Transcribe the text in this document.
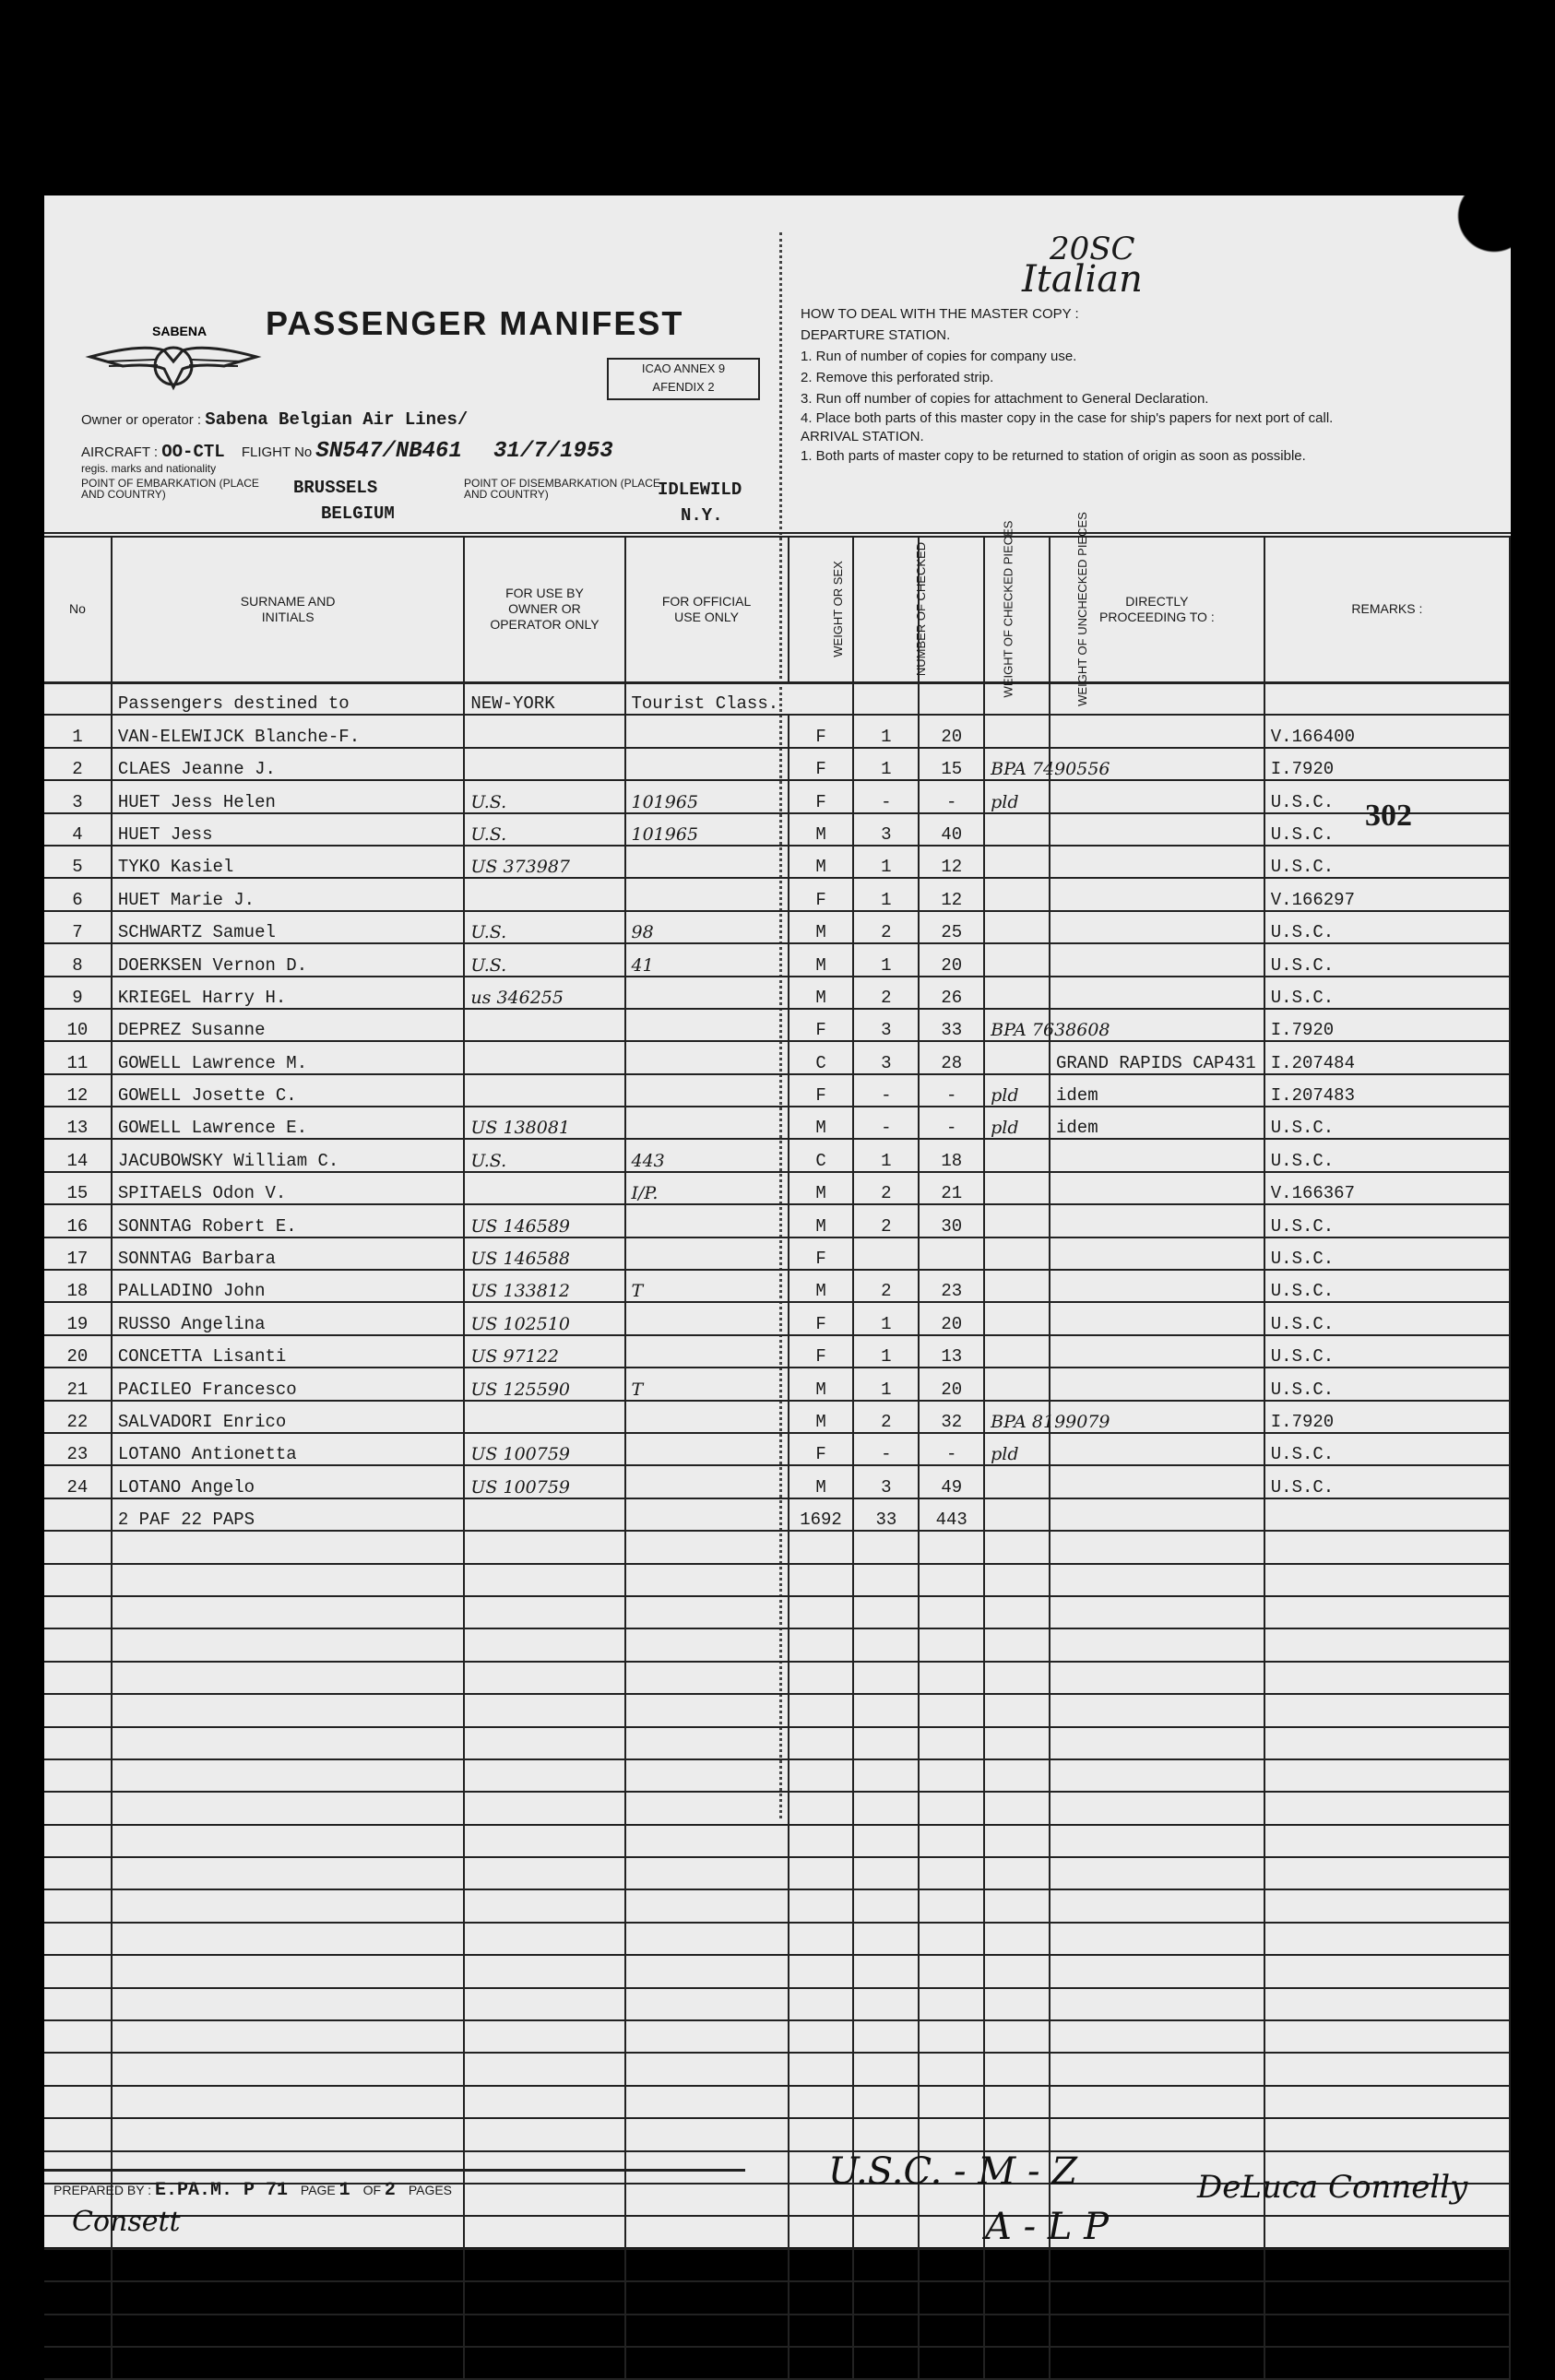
SABENA PASSENGER MANIFEST
ICAO ANNEX 9
AFENDIX 2
Owner or operator : Sabena Belgian Air Lines/
AIRCRAFT : OO-CTL FLIGHT No SN547/NB461 31/7/1953
regis. marks and nationality
POINT OF EMBARKATION (PLACE AND COUNTRY)	BRUSSELS
BELGIUM
POINT OF DISEMBARKATION (PLACE AND COUNTRY)	IDLEWILD
N.Y.
20SC
Italian
HOW TO DEAL WITH THE MASTER COPY :
DEPARTURE STATION.
1. Run of number of copies for company use.
2. Remove this perforated strip.
3. Run off number of copies for attachment to General Declaration.
4. Place both parts of this master copy in the case for ship's papers for next port of call.
ARRIVAL STATION.
1. Both parts of master copy to be returned to station of origin as soon as possible.
No	SURNAME AND INITIALS	FOR USE BY OWNER OR OPERATOR ONLY	FOR OFFICIAL USE ONLY	WEIGHT OR SEX	NUMBER OF CHECKED	WEIGHT OF CHECKED PIECES	WEIGHT OF UNCHECKED PIECES	DIRECTLY PROCEEDING TO :	REMARKS :
	Passengers destined to	NEW-YORK	Tourist Class.						
1	VAN-ELEWIJCK Blanche-F.			F	1	20			V.166400
2	CLAES Jeanne J.			F	1	15	BPA 7490556		I.7920
3	HUET Jess Helen	U.S.	101965	F	-	-	pld		U.S.C.
4	HUET Jess	U.S.	101965	M	3	40			U.S.C.
5	TYKO Kasiel	US 373987		M	1	12			U.S.C.
6	HUET Marie J.			F	1	12			V.166297
7	SCHWARTZ Samuel	U.S.	98	M	2	25			U.S.C.
8	DOERKSEN Vernon D.	U.S.	41	M	1	20			U.S.C.
9	KRIEGEL Harry H.	us 346255		M	2	26			U.S.C.
10	DEPREZ Susanne			F	3	33	BPA 7638608		I.7920
11	GOWELL Lawrence M.			C	3	28		GRAND RAPIDS CAP431	I.207484
12	GOWELL Josette C.			F	-	-	pld	idem	I.207483
13	GOWELL Lawrence E.	US 138081		M	-	-	pld	idem	U.S.C.
14	JACUBOWSKY William C.	U.S.	443	C	1	18			U.S.C.
15	SPITAELS Odon V.		I/P.	M	2	21			V.166367
16	SONNTAG Robert E.	US 146589		M	2	30			U.S.C.
17	SONNTAG Barbara	US 146588		F					U.S.C.
18	PALLADINO John	US 133812	T	M	2	23			U.S.C.
19	RUSSO Angelina	US 102510		F	1	20			U.S.C.
20	CONCETTA Lisanti	US 97122		F	1	13			U.S.C.
21	PACILEO Francesco	US 125590	T	M	1	20			U.S.C.
22	SALVADORI Enrico			M	2	32	BPA 8199079		I.7920
23	LOTANO Antionetta	US 100759		F	-	-	pld		U.S.C.
24	LOTANO Angelo	US 100759		M	3	49			U.S.C.
	2 PAF 22 PAPS			1692	33	443			

302
PREPARED BY : E.PA.M. P 71 PAGE 1 OF 2 PAGES
Consett
U.S.C. - M - Z
A - L P
DeLuca Connelly
